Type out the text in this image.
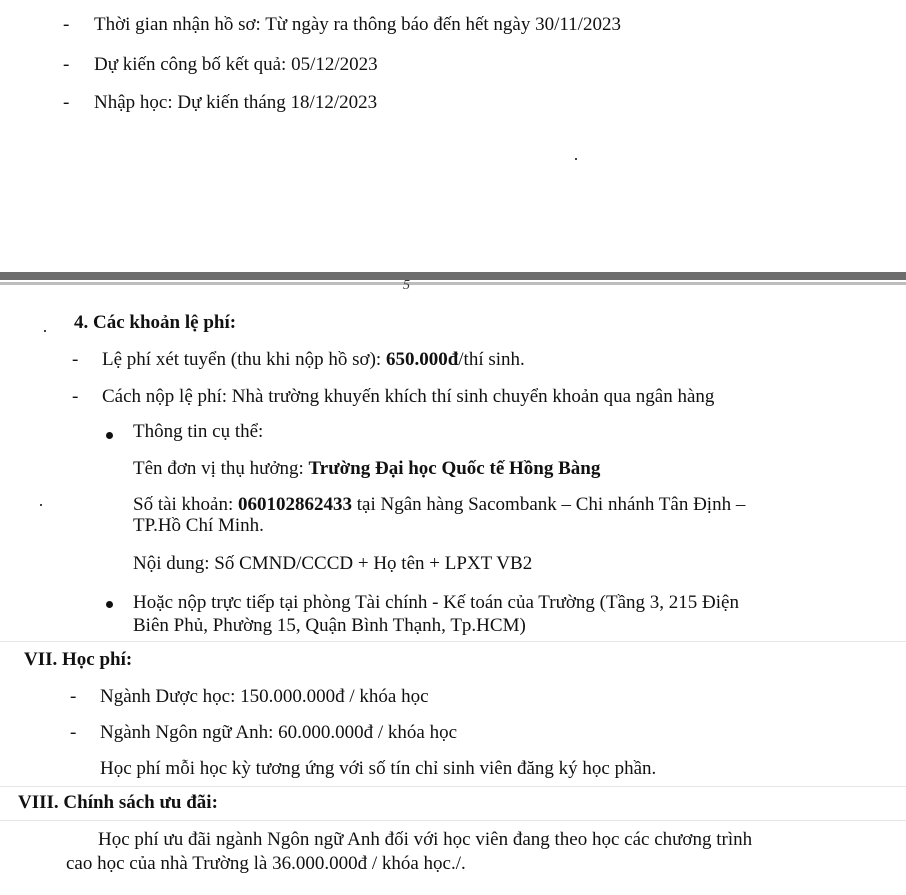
- Thời gian nhận hồ sơ: Từ ngày ra thông báo đến hết ngày 30/11/2023
- Dự kiến công bố kết quả: 05/12/2023
- Nhập học: Dự kiến tháng 18/12/2023
5
4. Các khoản lệ phí:
- Lệ phí xét tuyển (thu khi nộp hồ sơ): 650.000đ/thí sinh.
- Cách nộp lệ phí: Nhà trường khuyến khích thí sinh chuyển khoản qua ngân hàng
Thông tin cụ thể:
Tên đơn vị thụ hưởng: Trường Đại học Quốc tế Hồng Bàng
Số tài khoản: 060102862433 tại Ngân hàng Sacombank – Chi nhánh Tân Định –
TP.Hồ Chí Minh.
Nội dung: Số CMND/CCCD + Họ tên + LPXT VB2
Hoặc nộp trực tiếp tại phòng Tài chính - Kế toán của Trường (Tầng 3, 215 Điện
Biên Phủ, Phường 15, Quận Bình Thạnh, Tp.HCM)
VII. Học phí:
- Ngành Dược học: 150.000.000đ / khóa học
- Ngành Ngôn ngữ Anh: 60.000.000đ / khóa học
Học phí mỗi học kỳ tương ứng với số tín chỉ sinh viên đăng ký học phần.
VIII. Chính sách ưu đãi:
Học phí ưu đãi ngành Ngôn ngữ Anh đối với học viên đang theo học các chương trình
cao học của nhà Trường là 36.000.000đ / khóa học./.
